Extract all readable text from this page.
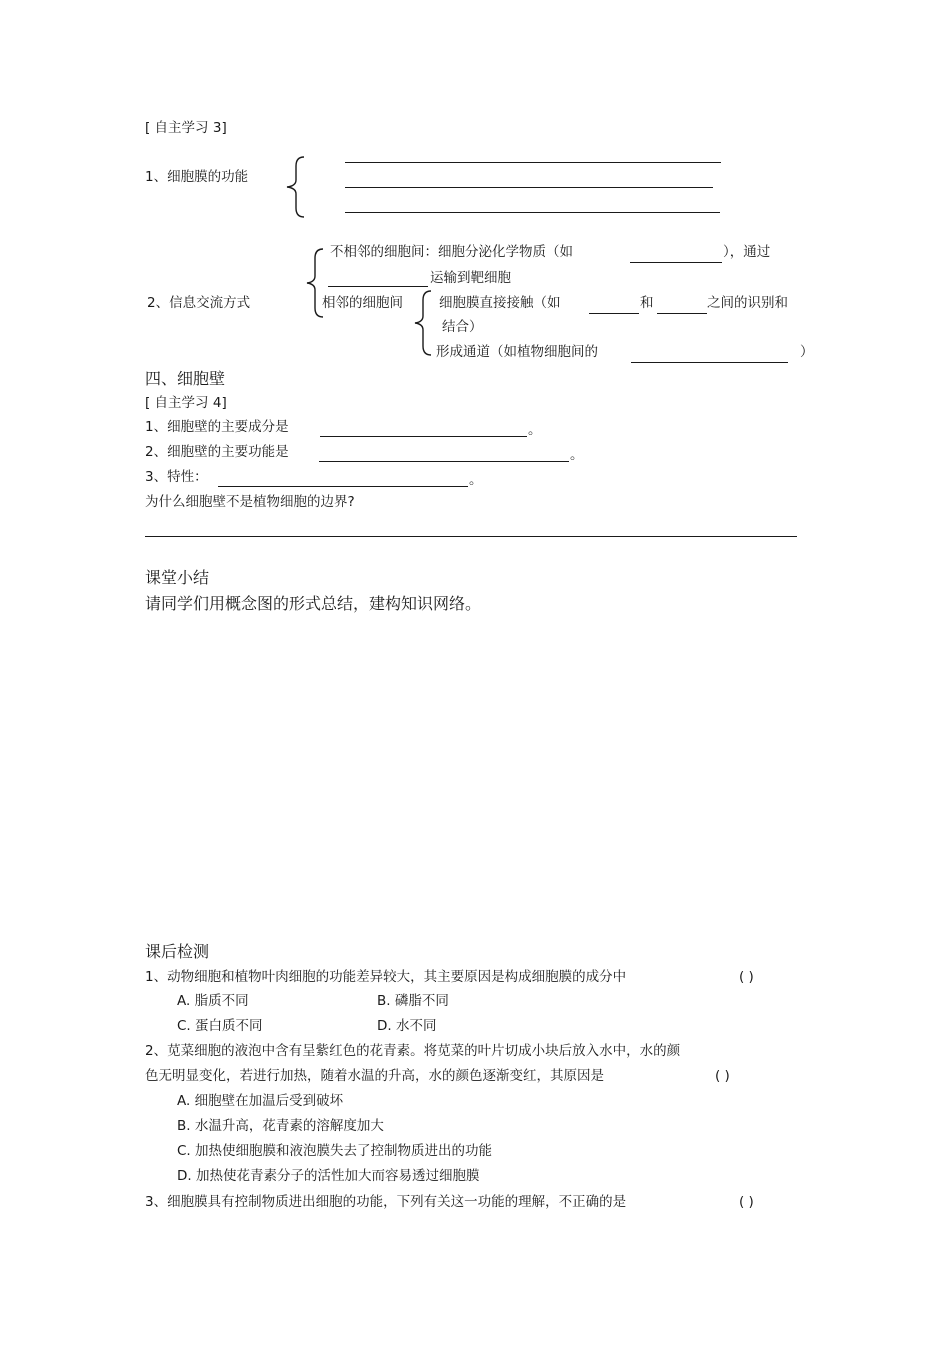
[ 自主学习 3]
1、细胞膜的功能
2、信息交流方式
不相邻的细胞间：细胞分泌化学物质（如	），通过
运输到靶细胞
相邻的细胞间	细胞膜直接接触（如	和	之间的识别和
结合）
形成通道（如植物细胞间的	）
四、细胞壁
[ 自主学习 4]
1、细胞壁的主要成分是	。
2、细胞壁的主要功能是	。
3、特性：	。
为什么细胞壁不是植物细胞的边界?
课堂小结
请同学们用概念图的形式总结，建构知识网络。
课后检测
1、动物细胞和植物叶肉细胞的功能差异较大，其主要原因是构成细胞膜的成分中	( )
A. 脂质不同	B. 磷脂不同
C. 蛋白质不同	D. 水不同
2、苋菜细胞的液泡中含有呈紫红色的花青素。将苋菜的叶片切成小块后放入水中，水的颜
色无明显变化，若进行加热，随着水温的升高，水的颜色逐渐变红，其原因是	( )
A. 细胞壁在加温后受到破坏
B. 水温升高，花青素的溶解度加大
C. 加热使细胞膜和液泡膜失去了控制物质进出的功能
D. 加热使花青素分子的活性加大而容易透过细胞膜
3、细胞膜具有控制物质进出细胞的功能，下列有关这一功能的理解，不正确的是	( )
